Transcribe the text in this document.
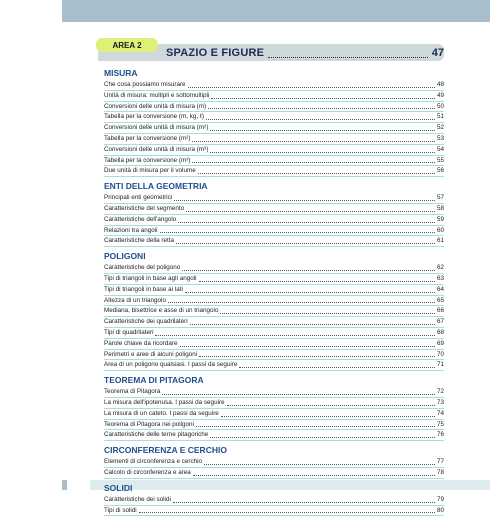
AREA 2
SPAZIO E FIGURE	47
MISURA
Che cosa possiamo misurare	48
Unità di misura: multipli e sottomultipli	49
Conversioni delle unità di misura (m)	50
Tabella per la conversione (m, kg, ℓ)	51
Conversioni delle unità di misura (m²)	52
Tabella per la conversione (m²)	53
Conversioni delle unità di misura (m³)	54
Tabella per la conversione (m³)	55
Due unità di misura per il volume	56
ENTI DELLA GEOMETRIA
Principali enti geometrici	57
Caratteristiche del segmento	58
Caratteristiche dell'angolo	59
Relazioni tra angoli	60
Caratteristiche della retta	61
POLIGONI
Caratteristiche del poligono	62
Tipi di triangoli in base agli angoli	63
Tipi di triangoli in base ai lati	64
Altezza di un triangolo	65
Mediana, bisettrice e asse di un triangolo	66
Caratteristiche dei quadrilateri	67
Tipi di quadrilateri	68
Parole chiave da ricordare	69
Perimetri e aree di alcuni poligoni	70
Area di un poligono qualsiasi. I passi da seguire	71
TEOREMA DI PITAGORA
Teorema di Pitagora	72
La misura dell'ipotenusa. I passi da seguire	73
La misura di un cateto. I passi da seguire	74
Teorema di Pitagora nei poligoni	75
Caratteristiche delle terne pitagoriche	76
CIRCONFERENZA E CERCHIO
Elementi di circonferenza e cerchio	77
Calcolo di circonferenza e area	78
SOLIDI
Caratteristiche dei solidi	79
Tipi di solidi	80
